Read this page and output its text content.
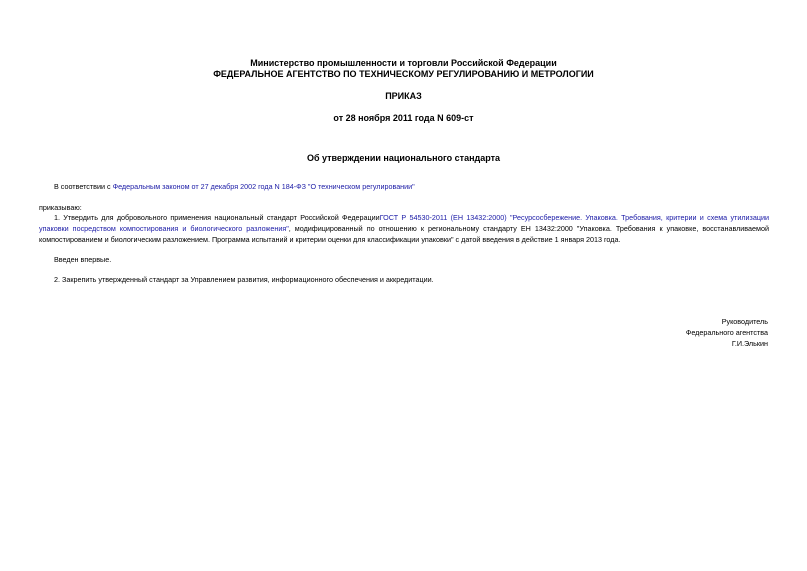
Министерство промышленности и торговли Российской Федерации
ФЕДЕРАЛЬНОЕ АГЕНТСТВО ПО ТЕХНИЧЕСКОМУ РЕГУЛИРОВАНИЮ И МЕТРОЛОГИИ
ПРИКАЗ
от 28 ноября 2011 года N 609-ст
Об утверждении национального стандарта
В соответствии с Федеральным законом от 27 декабря 2002 года N 184-ФЗ "О техническом регулировании"
приказываю:
1. Утвердить для добровольного применения национальный стандарт Российской ФедерацииГОСТ Р 54530-2011 (ЕН 13432:2000) "Ресурсосбережение. Упаковка. Требования, критерии и схема утилизации упаковки посредством компостирования и биологического разложения", модифицированный по отношению к региональному стандарту ЕН 13432:2000 "Упаковка. Требования к упаковке, восстанавливаемой компостированием и биологическим разложением. Программа испытаний и критерии оценки для классификации упаковки" с датой введения в действие 1 января 2013 года.
Введен впервые.
2. Закрепить утвержденный стандарт за Управлением развития, информационного обеспечения и аккредитации.
Руководитель
Федерального агентства
Г.И.Элькин
